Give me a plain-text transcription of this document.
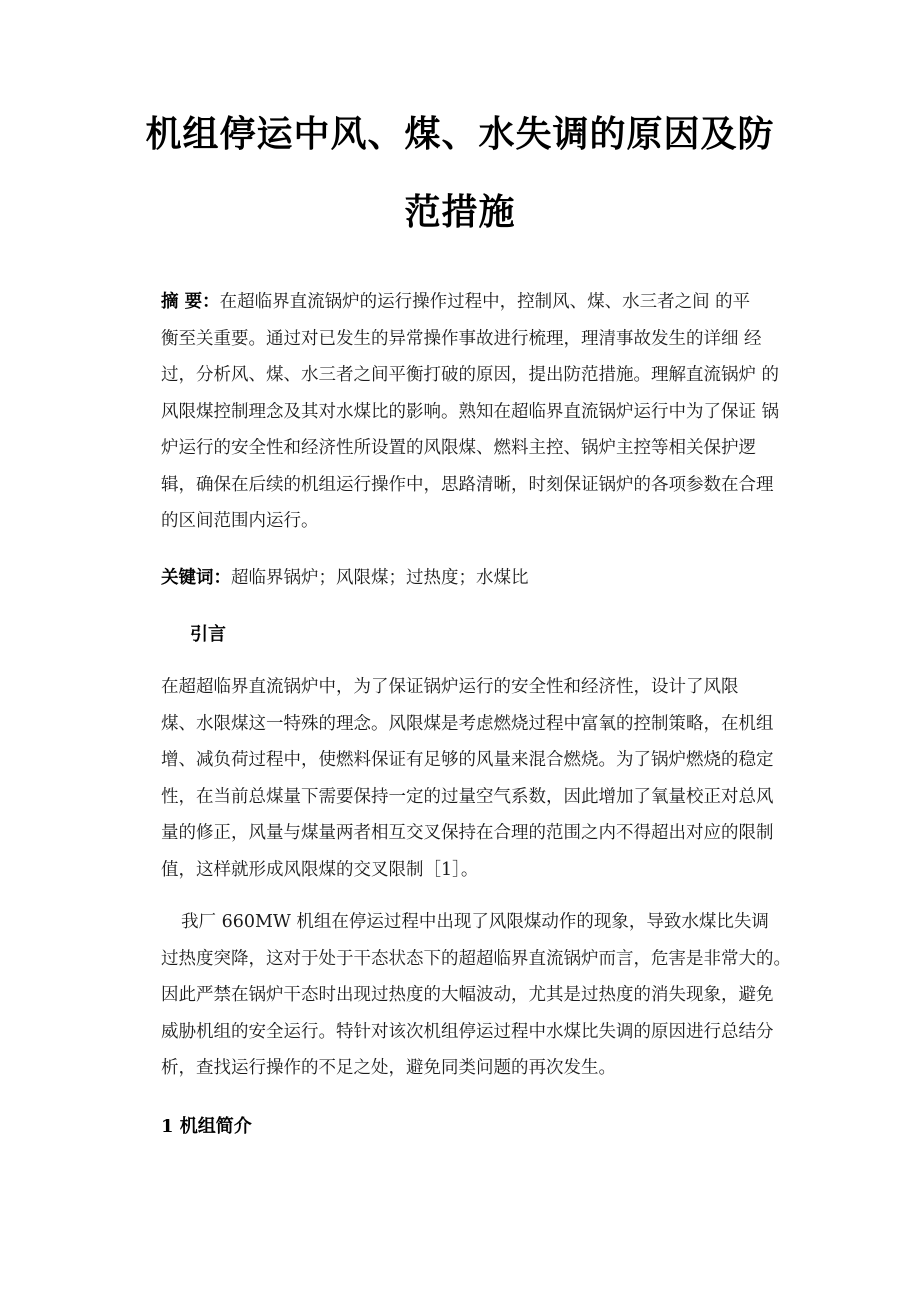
机组停运中风、煤、水失调的原因及防
范措施
摘 要：在超临界直流锅炉的运行操作过程中，控制风、煤、水三者之间 的平
衡至关重要。通过对已发生的异常操作事故进行梳理，理清事故发生的详细 经
过，分析风、煤、水三者之间平衡打破的原因，提出防范措施。理解直流锅炉 的
风限煤控制理念及其对水煤比的影响。熟知在超临界直流锅炉运行中为了保证 锅
炉运行的安全性和经济性所设置的风限煤、燃料主控、锅炉主控等相关保护逻
辑，确保在后续的机组运行操作中，思路清晰，时刻保证锅炉的各项参数在合理
的区间范围内运行。
关键词：超临界锅炉；风限煤；过热度；水煤比
引言
在超超临界直流锅炉中，为了保证锅炉运行的安全性和经济性，设计了风限
煤、水限煤这一特殊的理念。风限煤是考虑燃烧过程中富氧的控制策略，在机组
增、减负荷过程中，使燃料保证有足够的风量来混合燃烧。为了锅炉燃烧的稳定
性，在当前总煤量下需要保持一定的过量空气系数，因此增加了氧量校正对总风
量的修正，风量与煤量两者相互交叉保持在合理的范围之内不得超出对应的限制
值，这样就形成风限煤的交叉限制［1］。
我厂 660MW 机组在停运过程中出现了风限煤动作的现象，导致水煤比失调
过热度突降，这对于处于干态状态下的超超临界直流锅炉而言，危害是非常大的。
因此严禁在锅炉干态时出现过热度的大幅波动，尤其是过热度的消失现象，避免
威胁机组的安全运行。特针对该次机组停运过程中水煤比失调的原因进行总结分
析，查找运行操作的不足之处，避免同类问题的再次发生。
1 机组简介
